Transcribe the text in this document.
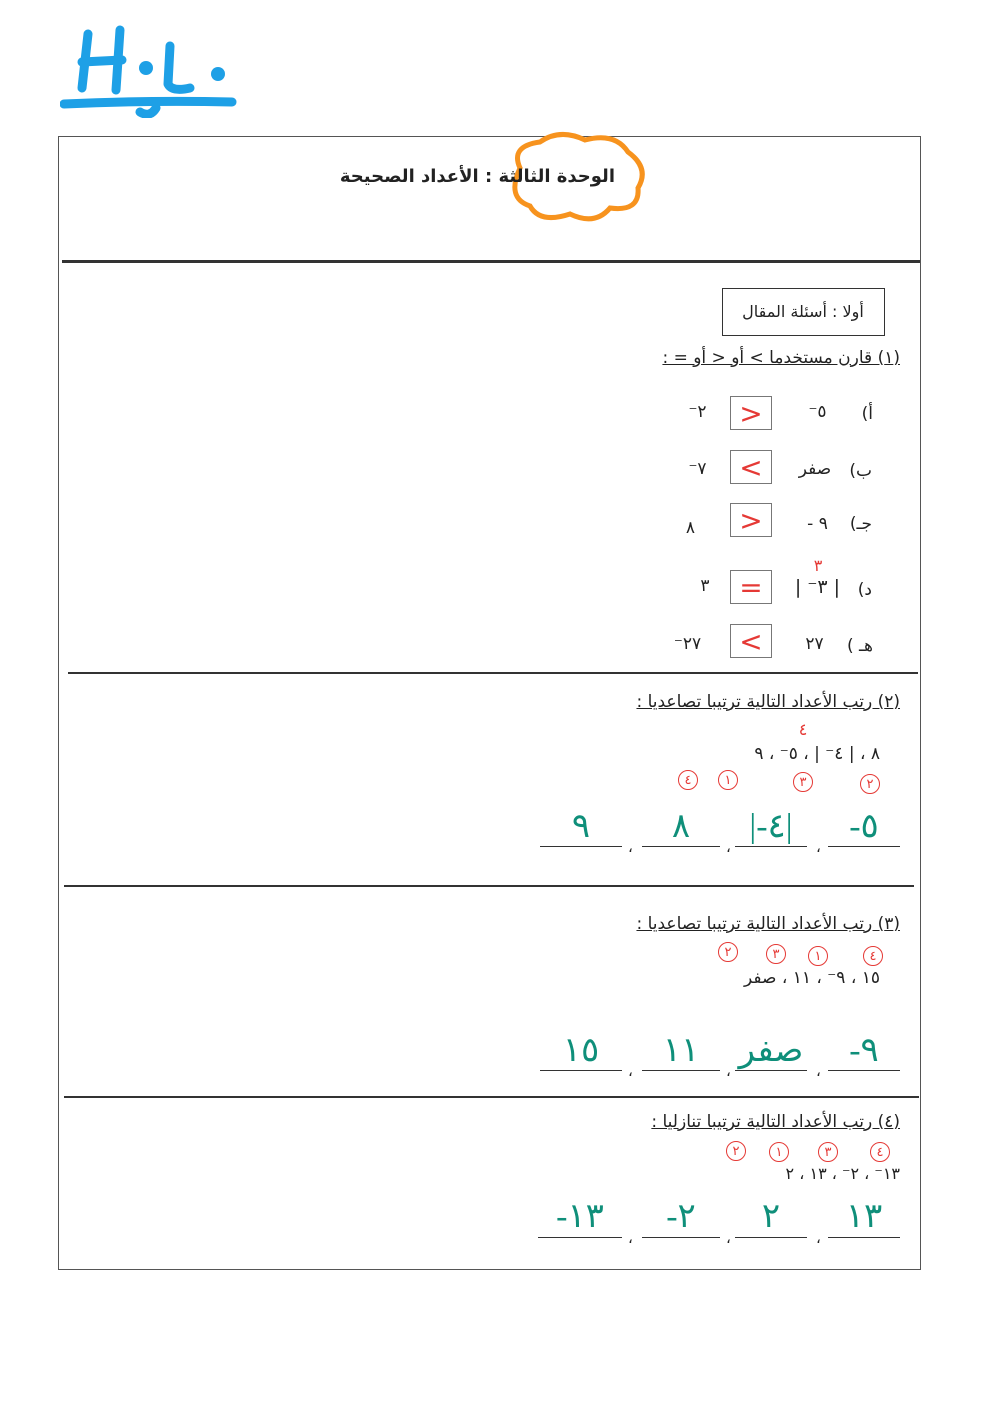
الوحدة الثالثة : الأعداد الصحيحة
أولا : أسئلة المقال
(١) قارن مستخدما > أو < أو = :
أ)
٥⁻
>
٢⁻
ب)
صفر
<
٧⁻
جـ)
٩ -
>
٨
٣
د)
| ٣⁻ |
=
٣
هـ )
٢٧
<
٢٧⁻
(٢) رتب الأعداد التالية ترتيبا تصاعديا :
٤
٨ ، | ٤⁻ | ، ٥⁻ ، ٩
٢
٣
١
٤
٥-
،
|٤-|
،
٨
،
٩
(٣) رتب الأعداد التالية ترتيبا تصاعديا :
٤
١
٣
٢
١٥ ، ٩⁻ ، ١١ ، صفر
٩-
،
صفر
،
١١
،
١٥
(٤) رتب الأعداد التالية ترتيبا تنازليا :
٤
٣
١
٢
١٣⁻ ، ٢⁻ ، ١٣ ، ٢
١٣
،
٢
،
٢-
،
١٣-
